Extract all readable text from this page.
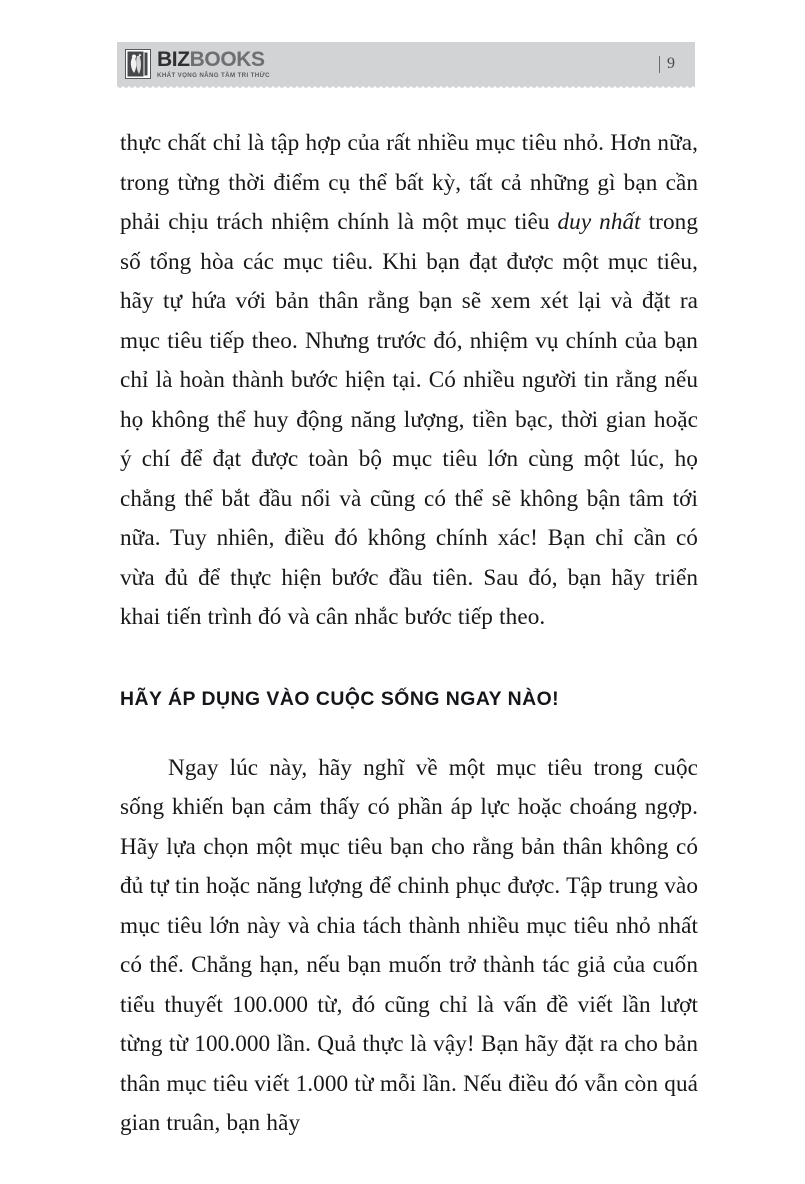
BIZBOOKS
KHÁT VỌNG NÂNG TẦM TRI THỨC
9

thực chất chỉ là tập hợp của rất nhiều mục tiêu nhỏ. Hơn nữa, trong từng thời điểm cụ thể bất kỳ, tất cả những gì bạn cần phải chịu trách nhiệm chính là một mục tiêu duy nhất trong số tổng hòa các mục tiêu. Khi bạn đạt được một mục tiêu, hãy tự hứa với bản thân rằng bạn sẽ xem xét lại và đặt ra mục tiêu tiếp theo. Nhưng trước đó, nhiệm vụ chính của bạn chỉ là hoàn thành bước hiện tại. Có nhiều người tin rằng nếu họ không thể huy động năng lượng, tiền bạc, thời gian hoặc ý chí để đạt được toàn bộ mục tiêu lớn cùng một lúc, họ chẳng thể bắt đầu nổi và cũng có thể sẽ không bận tâm tới nữa. Tuy nhiên, điều đó không chính xác! Bạn chỉ cần có vừa đủ để thực hiện bước đầu tiên. Sau đó, bạn hãy triển khai tiến trình đó và cân nhắc bước tiếp theo.

HÃY ÁP DỤNG VÀO CUỘC SỐNG NGAY NÀO!

Ngay lúc này, hãy nghĩ về một mục tiêu trong cuộc sống khiến bạn cảm thấy có phần áp lực hoặc choáng ngợp. Hãy lựa chọn một mục tiêu bạn cho rằng bản thân không có đủ tự tin hoặc năng lượng để chinh phục được. Tập trung vào mục tiêu lớn này và chia tách thành nhiều mục tiêu nhỏ nhất có thể. Chẳng hạn, nếu bạn muốn trở thành tác giả của cuốn tiểu thuyết 100.000 từ, đó cũng chỉ là vấn đề viết lần lượt từng từ 100.000 lần. Quả thực là vậy! Bạn hãy đặt ra cho bản thân mục tiêu viết 1.000 từ mỗi lần. Nếu điều đó vẫn còn quá gian truân, bạn hãy
